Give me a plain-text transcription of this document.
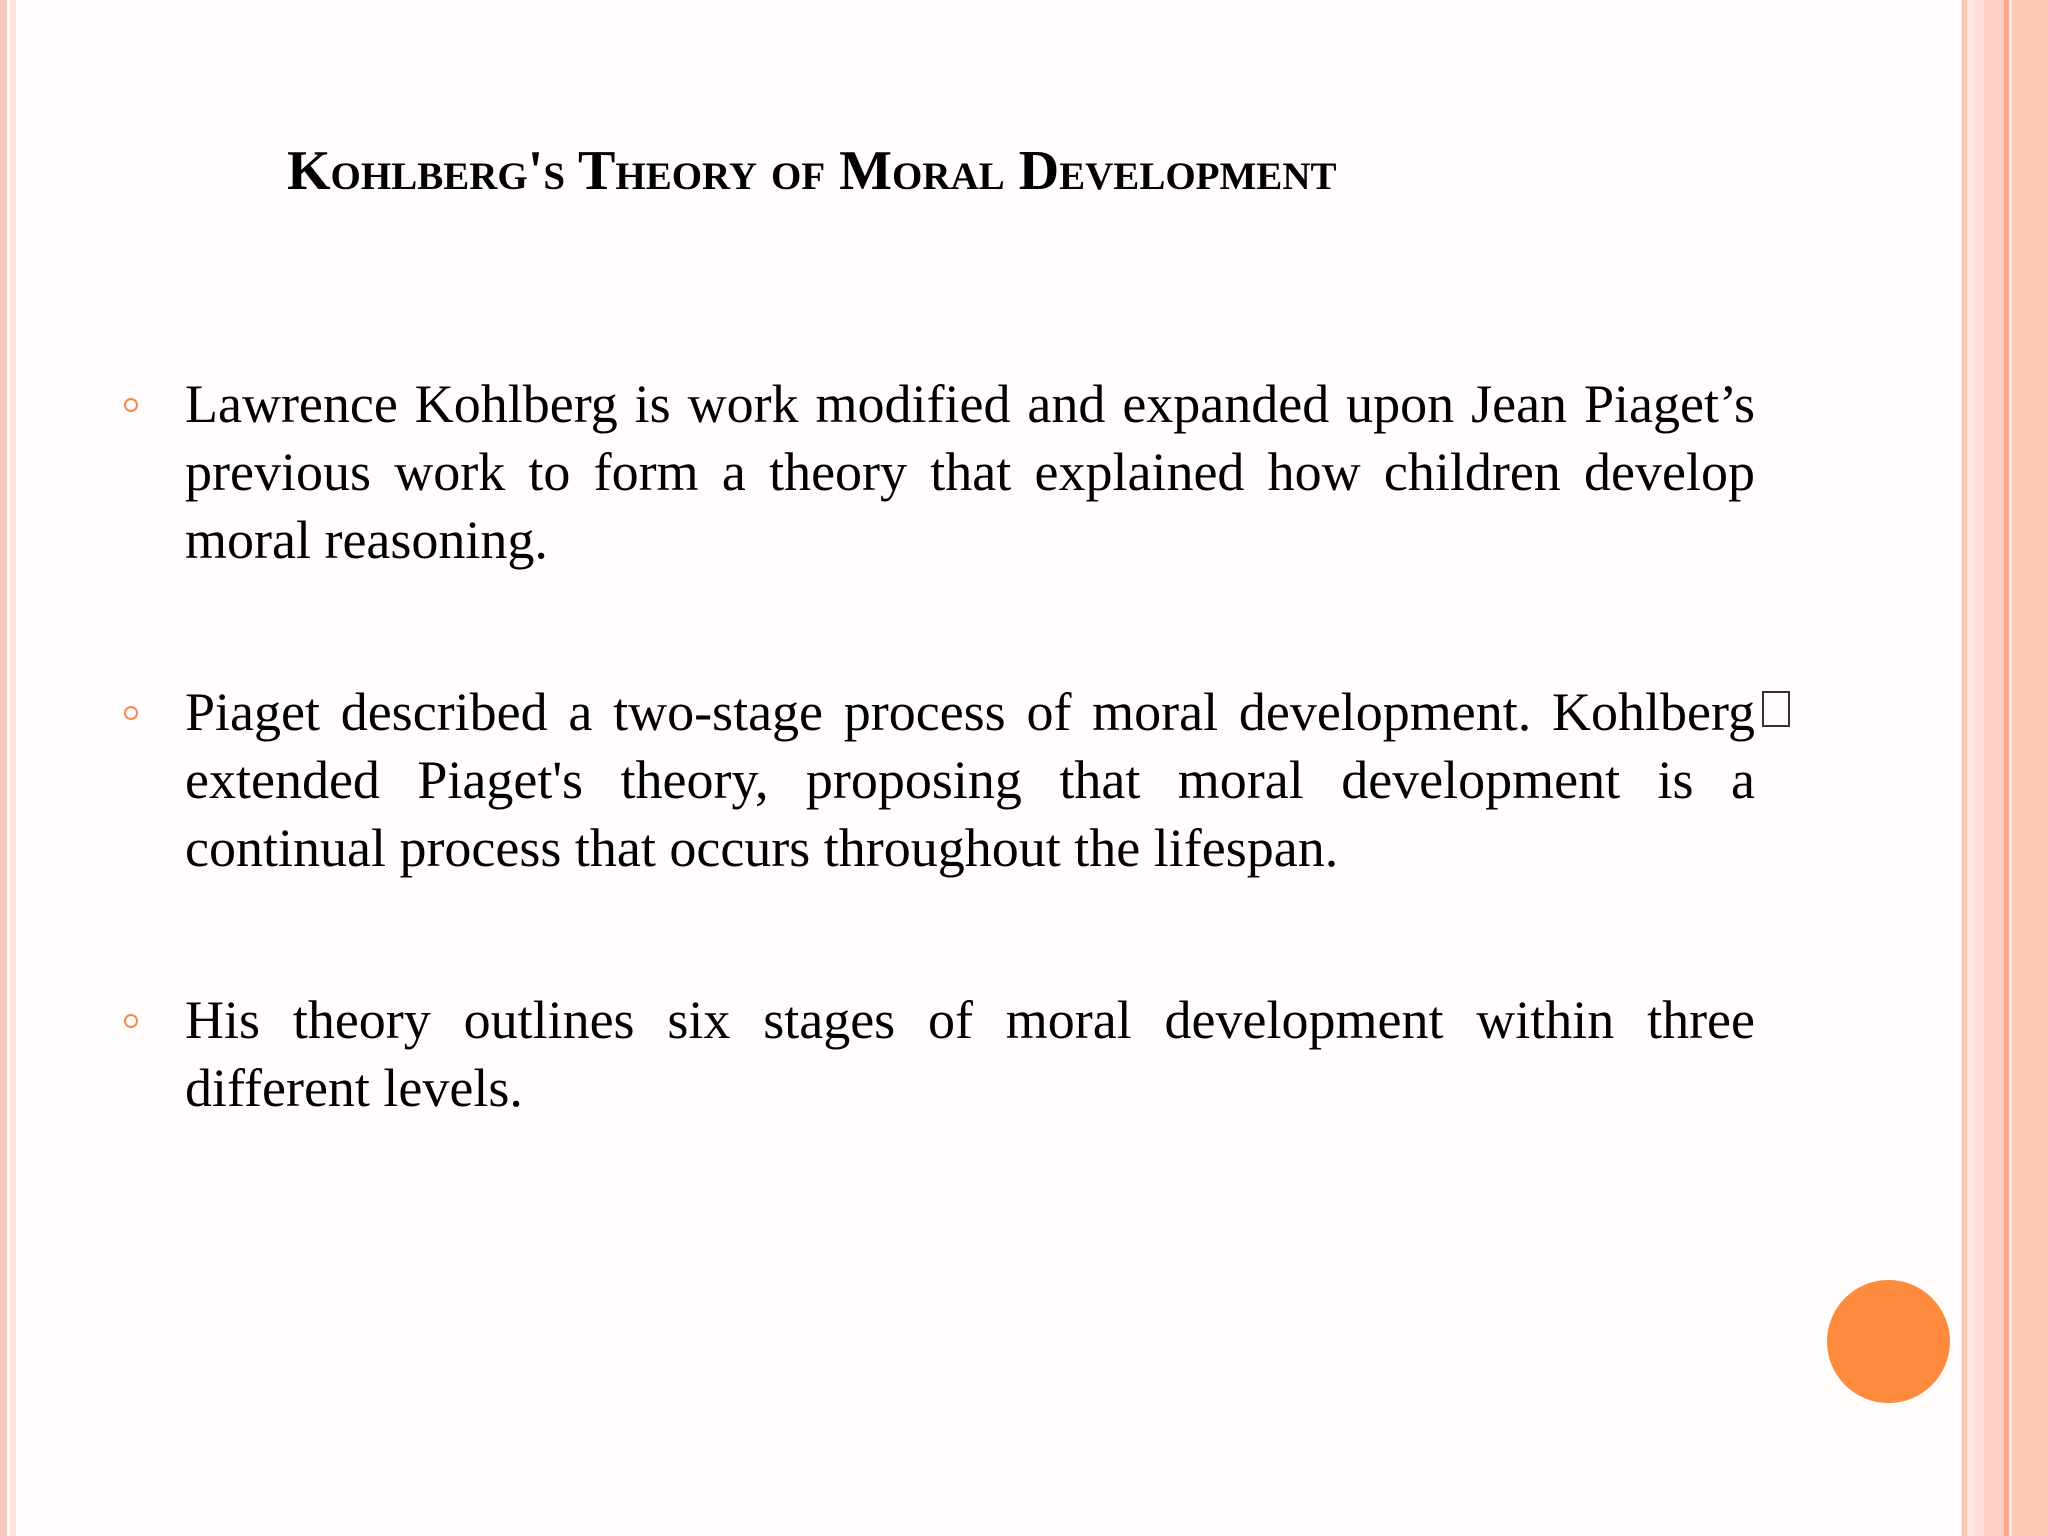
Kohlberg's Theory of Moral Development
Lawrence Kohlberg is work modified and expanded upon Jean Piaget’s previous work to form a theory that explained how children develop moral reasoning.
Piaget described a two-stage process of moral development. Kohlberg extended Piaget's theory, proposing that moral development is a continual process that occurs throughout the lifespan.
His theory outlines six stages of moral development within three different levels.
